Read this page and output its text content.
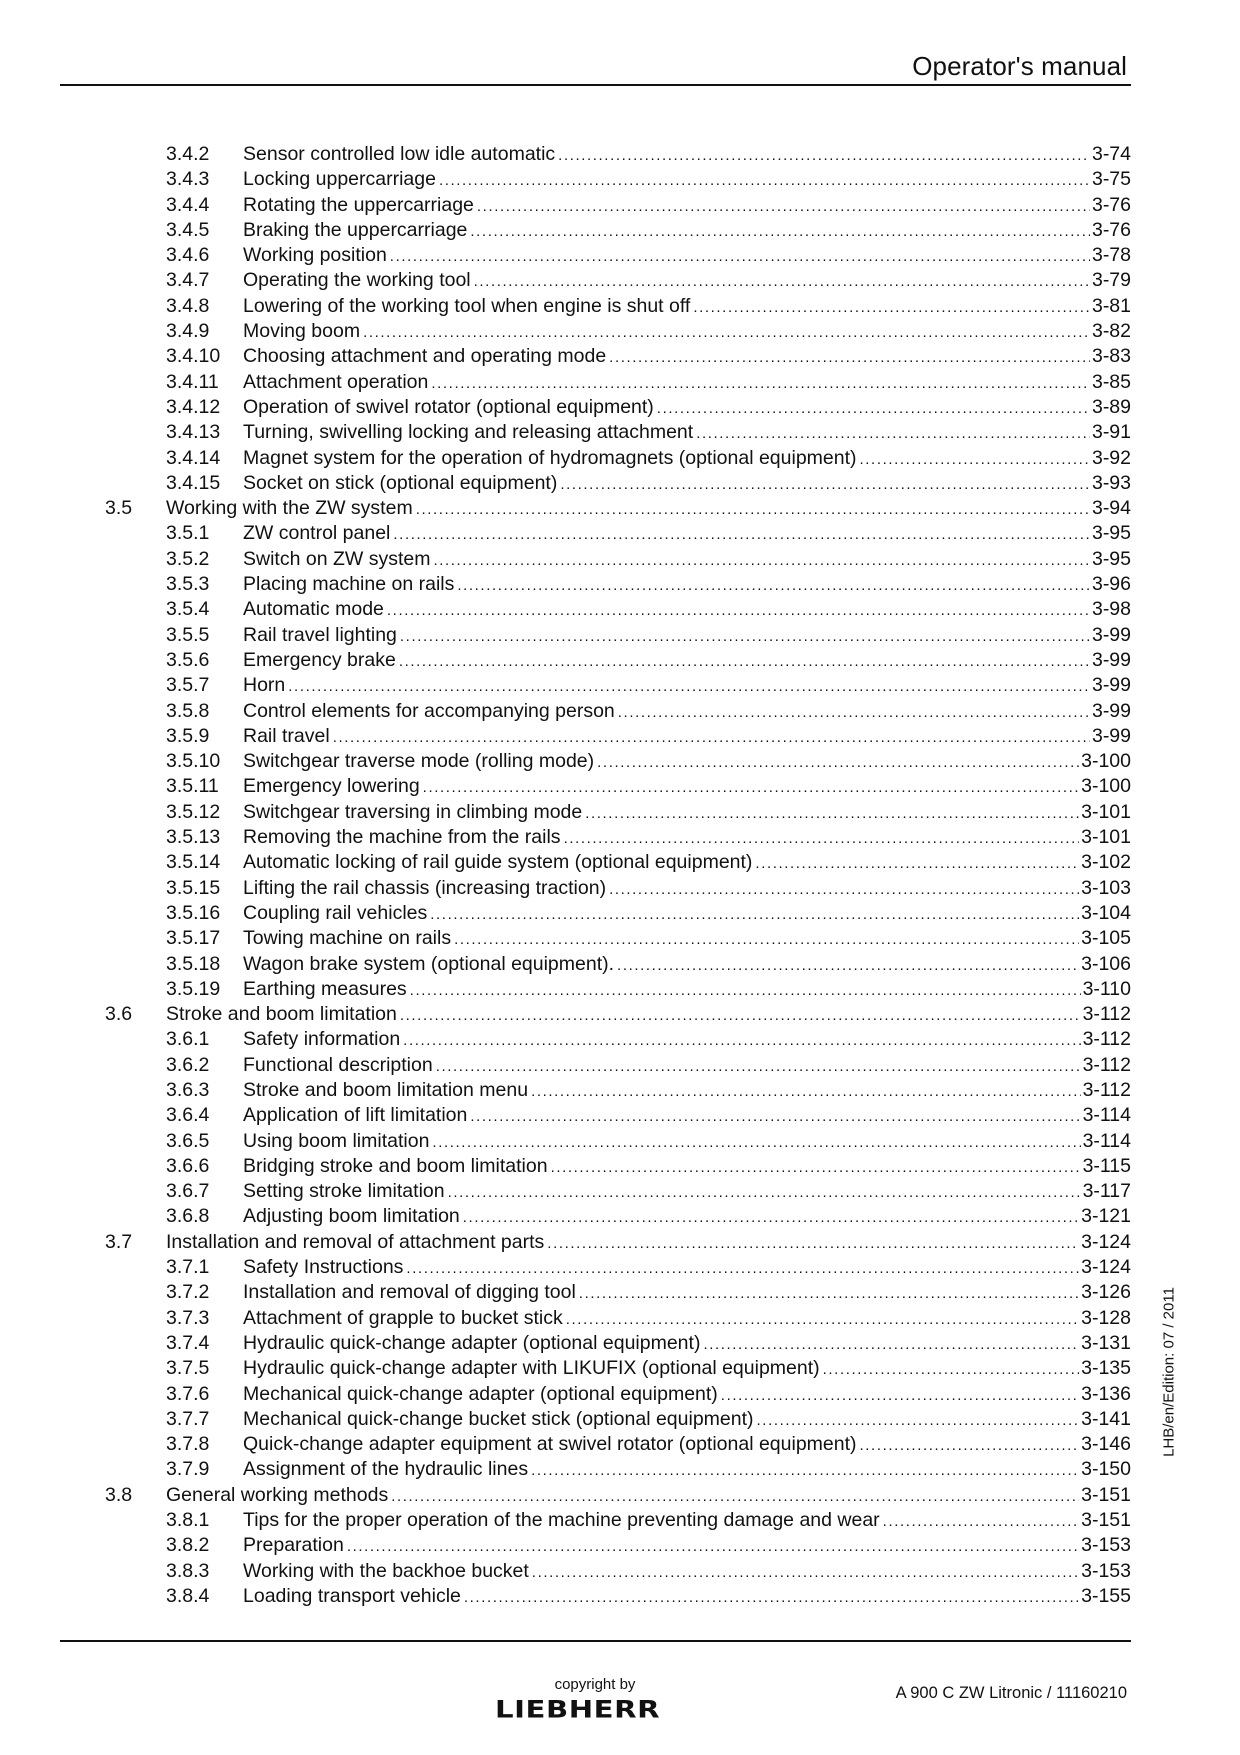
Operator's manual
3.4.2 Sensor controlled low idle automatic .....	3-74
3.4.3 Locking uppercarriage .....	3-75
3.4.4 Rotating the uppercarriage .....	3-76
3.4.5 Braking the uppercarriage .....	3-76
3.4.6 Working position .....	3-78
3.4.7 Operating the working tool .....	3-79
3.4.8 Lowering of the working tool when engine is shut off .....	3-81
3.4.9 Moving boom .....	3-82
3.4.10 Choosing attachment and operating mode .....	3-83
3.4.11 Attachment operation .....	3-85
3.4.12 Operation of swivel rotator (optional equipment) .....	3-89
3.4.13 Turning, swivelling locking and releasing attachment .....	3-91
3.4.14 Magnet system for the operation of hydromagnets (optional equipment) .....	3-92
3.4.15 Socket on stick (optional equipment) .....	3-93
3.5 Working with the ZW system .....	3-94
3.5.1 ZW control panel .....	3-95
3.5.2 Switch on ZW system .....	3-95
3.5.3 Placing machine on rails .....	3-96
3.5.4 Automatic mode .....	3-98
3.5.5 Rail travel lighting .....	3-99
3.5.6 Emergency brake .....	3-99
3.5.7 Horn .....	3-99
3.5.8 Control elements for accompanying person .....	3-99
3.5.9 Rail travel .....	3-99
3.5.10 Switchgear traverse mode (rolling mode) .....	3-100
3.5.11 Emergency lowering .....	3-100
3.5.12 Switchgear traversing in climbing mode .....	3-101
3.5.13 Removing the machine from the rails .....	3-101
3.5.14 Automatic locking of rail guide system (optional equipment) .....	3-102
3.5.15 Lifting the rail chassis (increasing traction) .....	3-103
3.5.16 Coupling rail vehicles .....	3-104
3.5.17 Towing machine on rails .....	3-105
3.5.18 Wagon brake system (optional equipment). .....	3-106
3.5.19 Earthing measures .....	3-110
3.6 Stroke and boom limitation .....	3-112
3.6.1 Safety information .....	3-112
3.6.2 Functional description .....	3-112
3.6.3 Stroke and boom limitation menu .....	3-112
3.6.4 Application of lift limitation .....	3-114
3.6.5 Using boom limitation .....	3-114
3.6.6 Bridging stroke and boom limitation .....	3-115
3.6.7 Setting stroke limitation .....	3-117
3.6.8 Adjusting boom limitation .....	3-121
3.7 Installation and removal of attachment parts .....	3-124
3.7.1 Safety Instructions .....	3-124
3.7.2 Installation and removal of digging tool .....	3-126
3.7.3 Attachment of grapple to bucket stick .....	3-128
3.7.4 Hydraulic quick-change adapter (optional equipment) .....	3-131
3.7.5 Hydraulic quick-change adapter with LIKUFIX (optional equipment) .....	3-135
3.7.6 Mechanical quick-change adapter (optional equipment) .....	3-136
3.7.7 Mechanical quick-change bucket stick (optional equipment) .....	3-141
3.7.8 Quick-change adapter equipment at swivel rotator (optional equipment) .....	3-146
3.7.9 Assignment of the hydraulic lines .....	3-150
3.8 General working methods .....	3-151
3.8.1 Tips for the proper operation of the machine preventing damage and wear .....	3-151
3.8.2 Preparation .....	3-153
3.8.3 Working with the backhoe bucket .....	3-153
3.8.4 Loading transport vehicle .....	3-155
LHB/en/Edition: 07 / 2011
copyright by
LIEBHERR
A 900 C ZW Litronic / 11160210
